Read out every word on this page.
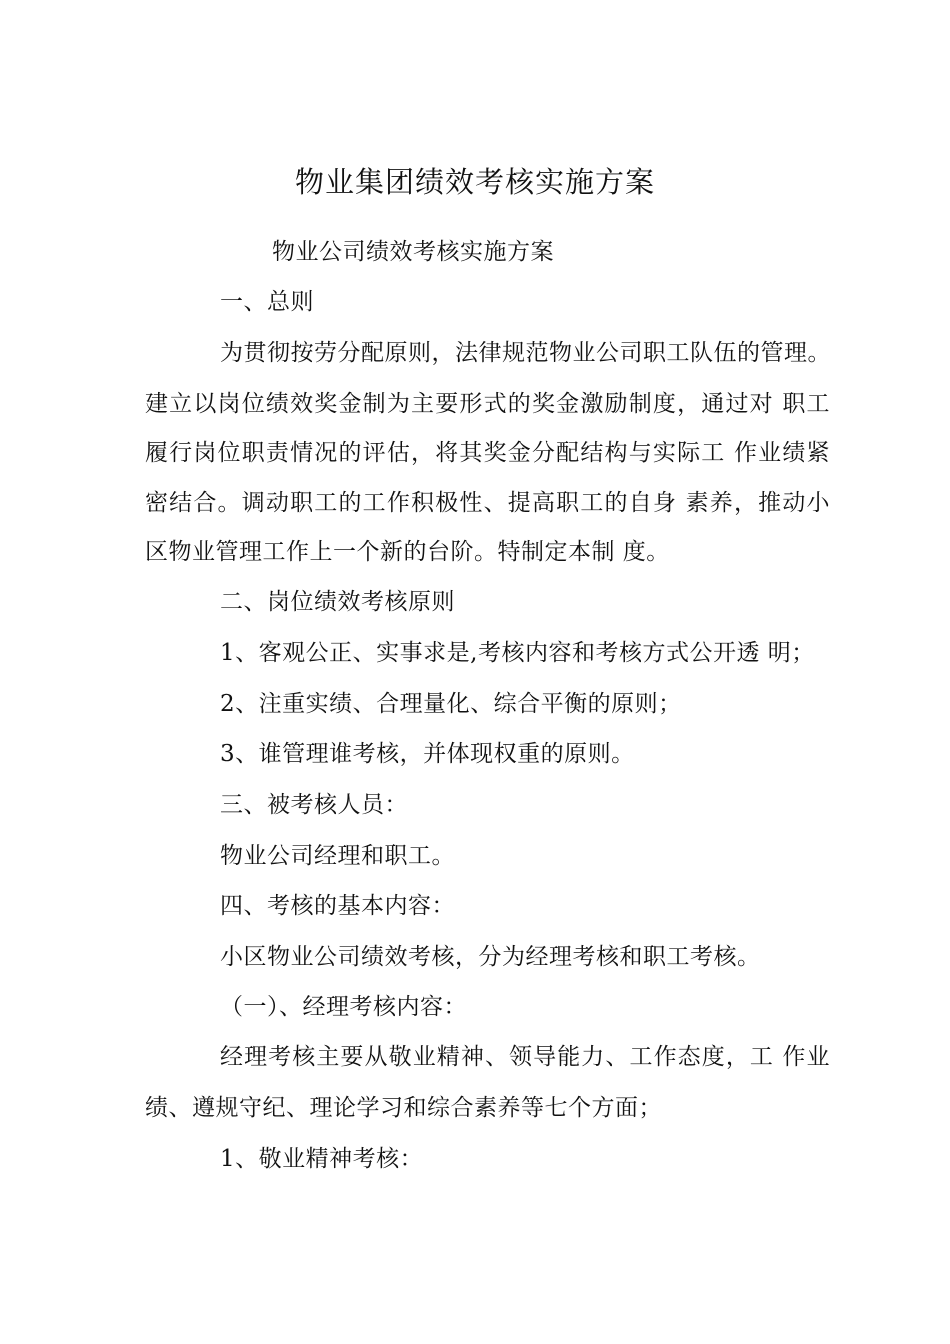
物业集团绩效考核实施方案
物业公司绩效考核实施方案
一、总则
为贯彻按劳分配原则，法律规范物业公司职工队伍的管理。
建立以岗位绩效奖金制为主要形式的奖金激励制度，通过对 职工
履行岗位职责情况的评估，将其奖金分配结构与实际工 作业绩紧
密结合。调动职工的工作积极性、提高职工的自身 素养，推动小
区物业管理工作上一个新的台阶。特制定本制 度。
二、岗位绩效考核原则
1、客观公正、实事求是,考核内容和考核方式公开透 明；
2、注重实绩、合理量化、综合平衡的原则；
3、谁管理谁考核，并体现权重的原则。
三、被考核人员：
物业公司经理和职工。
四、考核的基本内容：
小区物业公司绩效考核，分为经理考核和职工考核。
（一）、经理考核内容：
经理考核主要从敬业精神、领导能力、工作态度，工 作业
绩、遵规守纪、理论学习和综合素养等七个方面；
1、敬业精神考核：
